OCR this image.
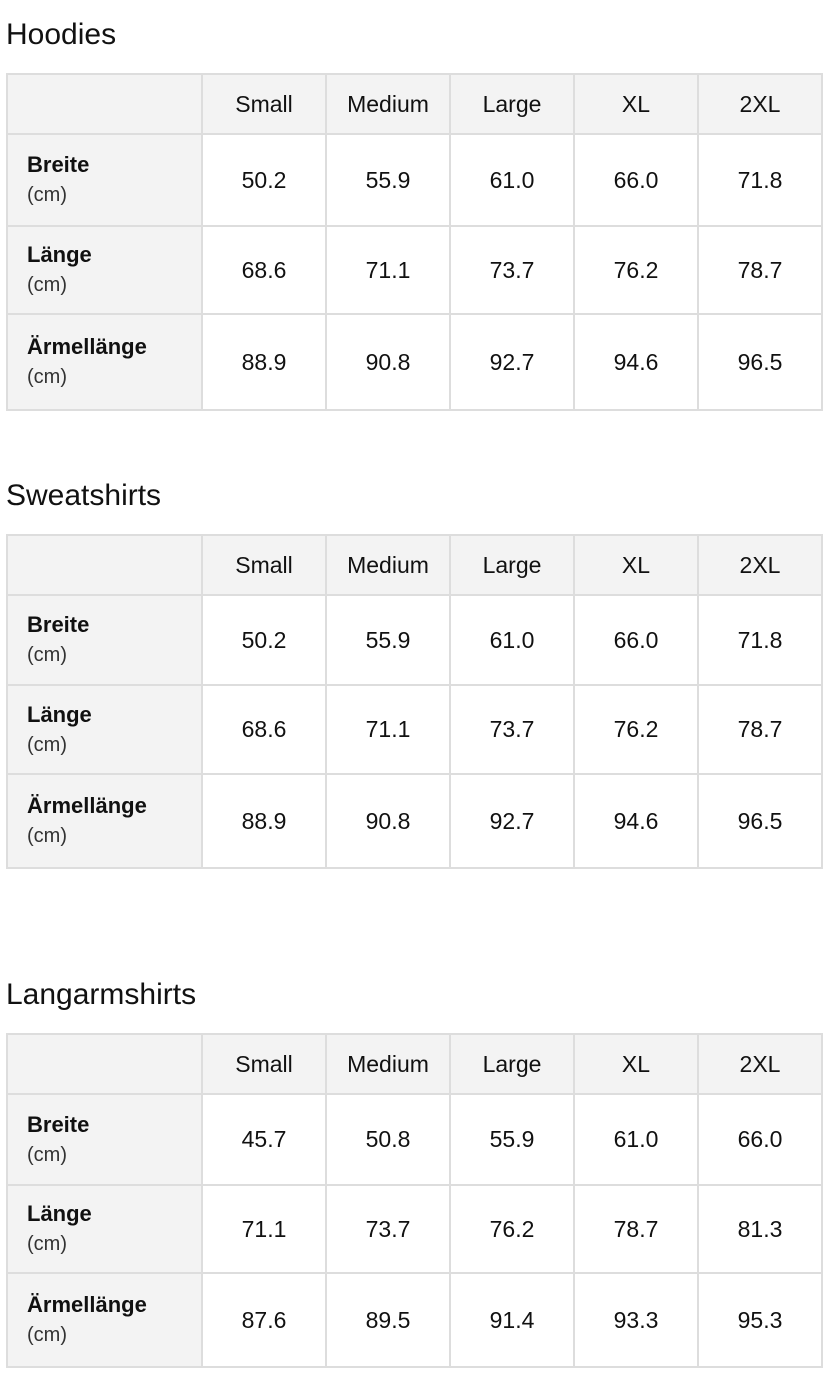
Hoodies
	Small	Medium	Large	XL	2XL

Breite
(cm)	50.2	55.9	61.0	66.0	71.8

Länge
(cm)	68.6	71.1	73.7	76.2	78.7

Ärmellänge
(cm)	88.9	90.8	92.7	94.6	96.5
Sweatshirts
	Small	Medium	Large	XL	2XL

Breite
(cm)	50.2	55.9	61.0	66.0	71.8

Länge
(cm)	68.6	71.1	73.7	76.2	78.7

Ärmellänge
(cm)	88.9	90.8	92.7	94.6	96.5
Langarmshirts
	Small	Medium	Large	XL	2XL

Breite
(cm)	45.7	50.8	55.9	61.0	66.0

Länge
(cm)	71.1	73.7	76.2	78.7	81.3

Ärmellänge
(cm)	87.6	89.5	91.4	93.3	95.3
